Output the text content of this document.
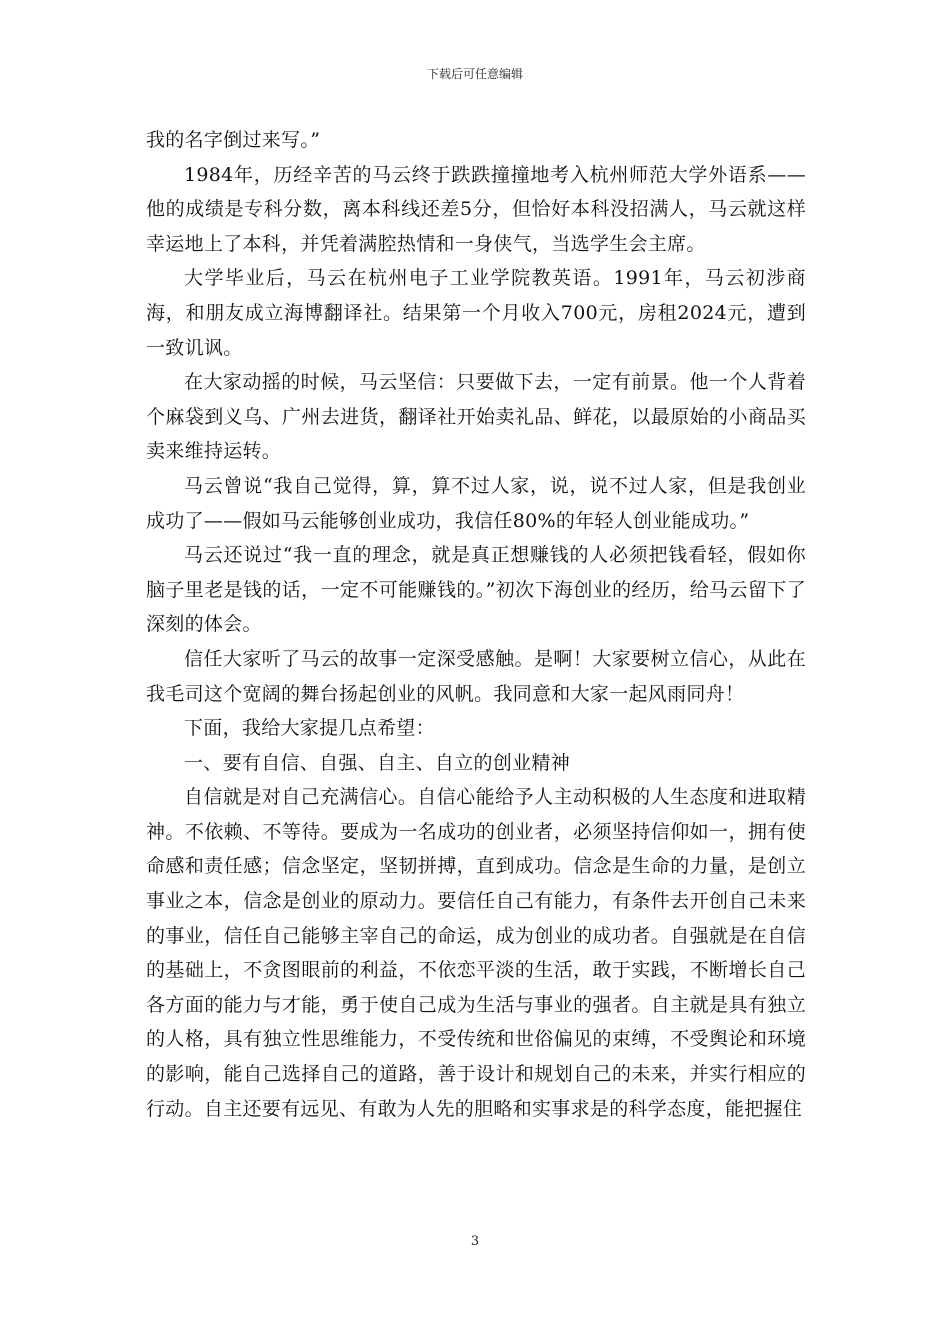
下载后可任意编辑

我的名字倒过来写。”

1984年，历经辛苦的马云终于跌跌撞撞地考入杭州师范大学外语系——他的成绩是专科分数，离本科线还差5分，但恰好本科没招满人，马云就这样幸运地上了本科，并凭着满腔热情和一身侠气，当选学生会主席。

大学毕业后，马云在杭州电子工业学院教英语。1991年，马云初涉商海，和朋友成立海博翻译社。结果第一个月收入700元，房租2024元，遭到一致讥讽。

在大家动摇的时候，马云坚信：只要做下去，一定有前景。他一个人背着个麻袋到义乌、广州去进货，翻译社开始卖礼品、鲜花，以最原始的小商品买卖来维持运转。

马云曾说“我自己觉得，算，算不过人家，说，说不过人家，但是我创业成功了——假如马云能够创业成功，我信任80%的年轻人创业能成功。”

马云还说过“我一直的理念，就是真正想赚钱的人必须把钱看轻，假如你脑子里老是钱的话，一定不可能赚钱的。”初次下海创业的经历，给马云留下了深刻的体会。

信任大家听了马云的故事一定深受感触。是啊！大家要树立信心，从此在我毛司这个宽阔的舞台扬起创业的风帆。我同意和大家一起风雨同舟！

下面，我给大家提几点希望：

一、要有自信、自强、自主、自立的创业精神

自信就是对自己充满信心。自信心能给予人主动积极的人生态度和进取精神。不依赖、不等待。要成为一名成功的创业者，必须坚持信仰如一，拥有使命感和责任感；信念坚定，坚韧拼搏，直到成功。信念是生命的力量，是创立事业之本，信念是创业的原动力。要信任自己有能力，有条件去开创自己未来的事业，信任自己能够主宰自己的命运，成为创业的成功者。自强就是在自信的基础上，不贪图眼前的利益，不依恋平淡的生活，敢于实践，不断增长自己各方面的能力与才能，勇于使自己成为生活与事业的强者。自主就是具有独立的人格，具有独立性思维能力，不受传统和世俗偏见的束缚，不受舆论和环境的影响，能自己选择自己的道路，善于设计和规划自己的未来，并实行相应的行动。自主还要有远见、有敢为人先的胆略和实事求是的科学态度，能把握住

3
